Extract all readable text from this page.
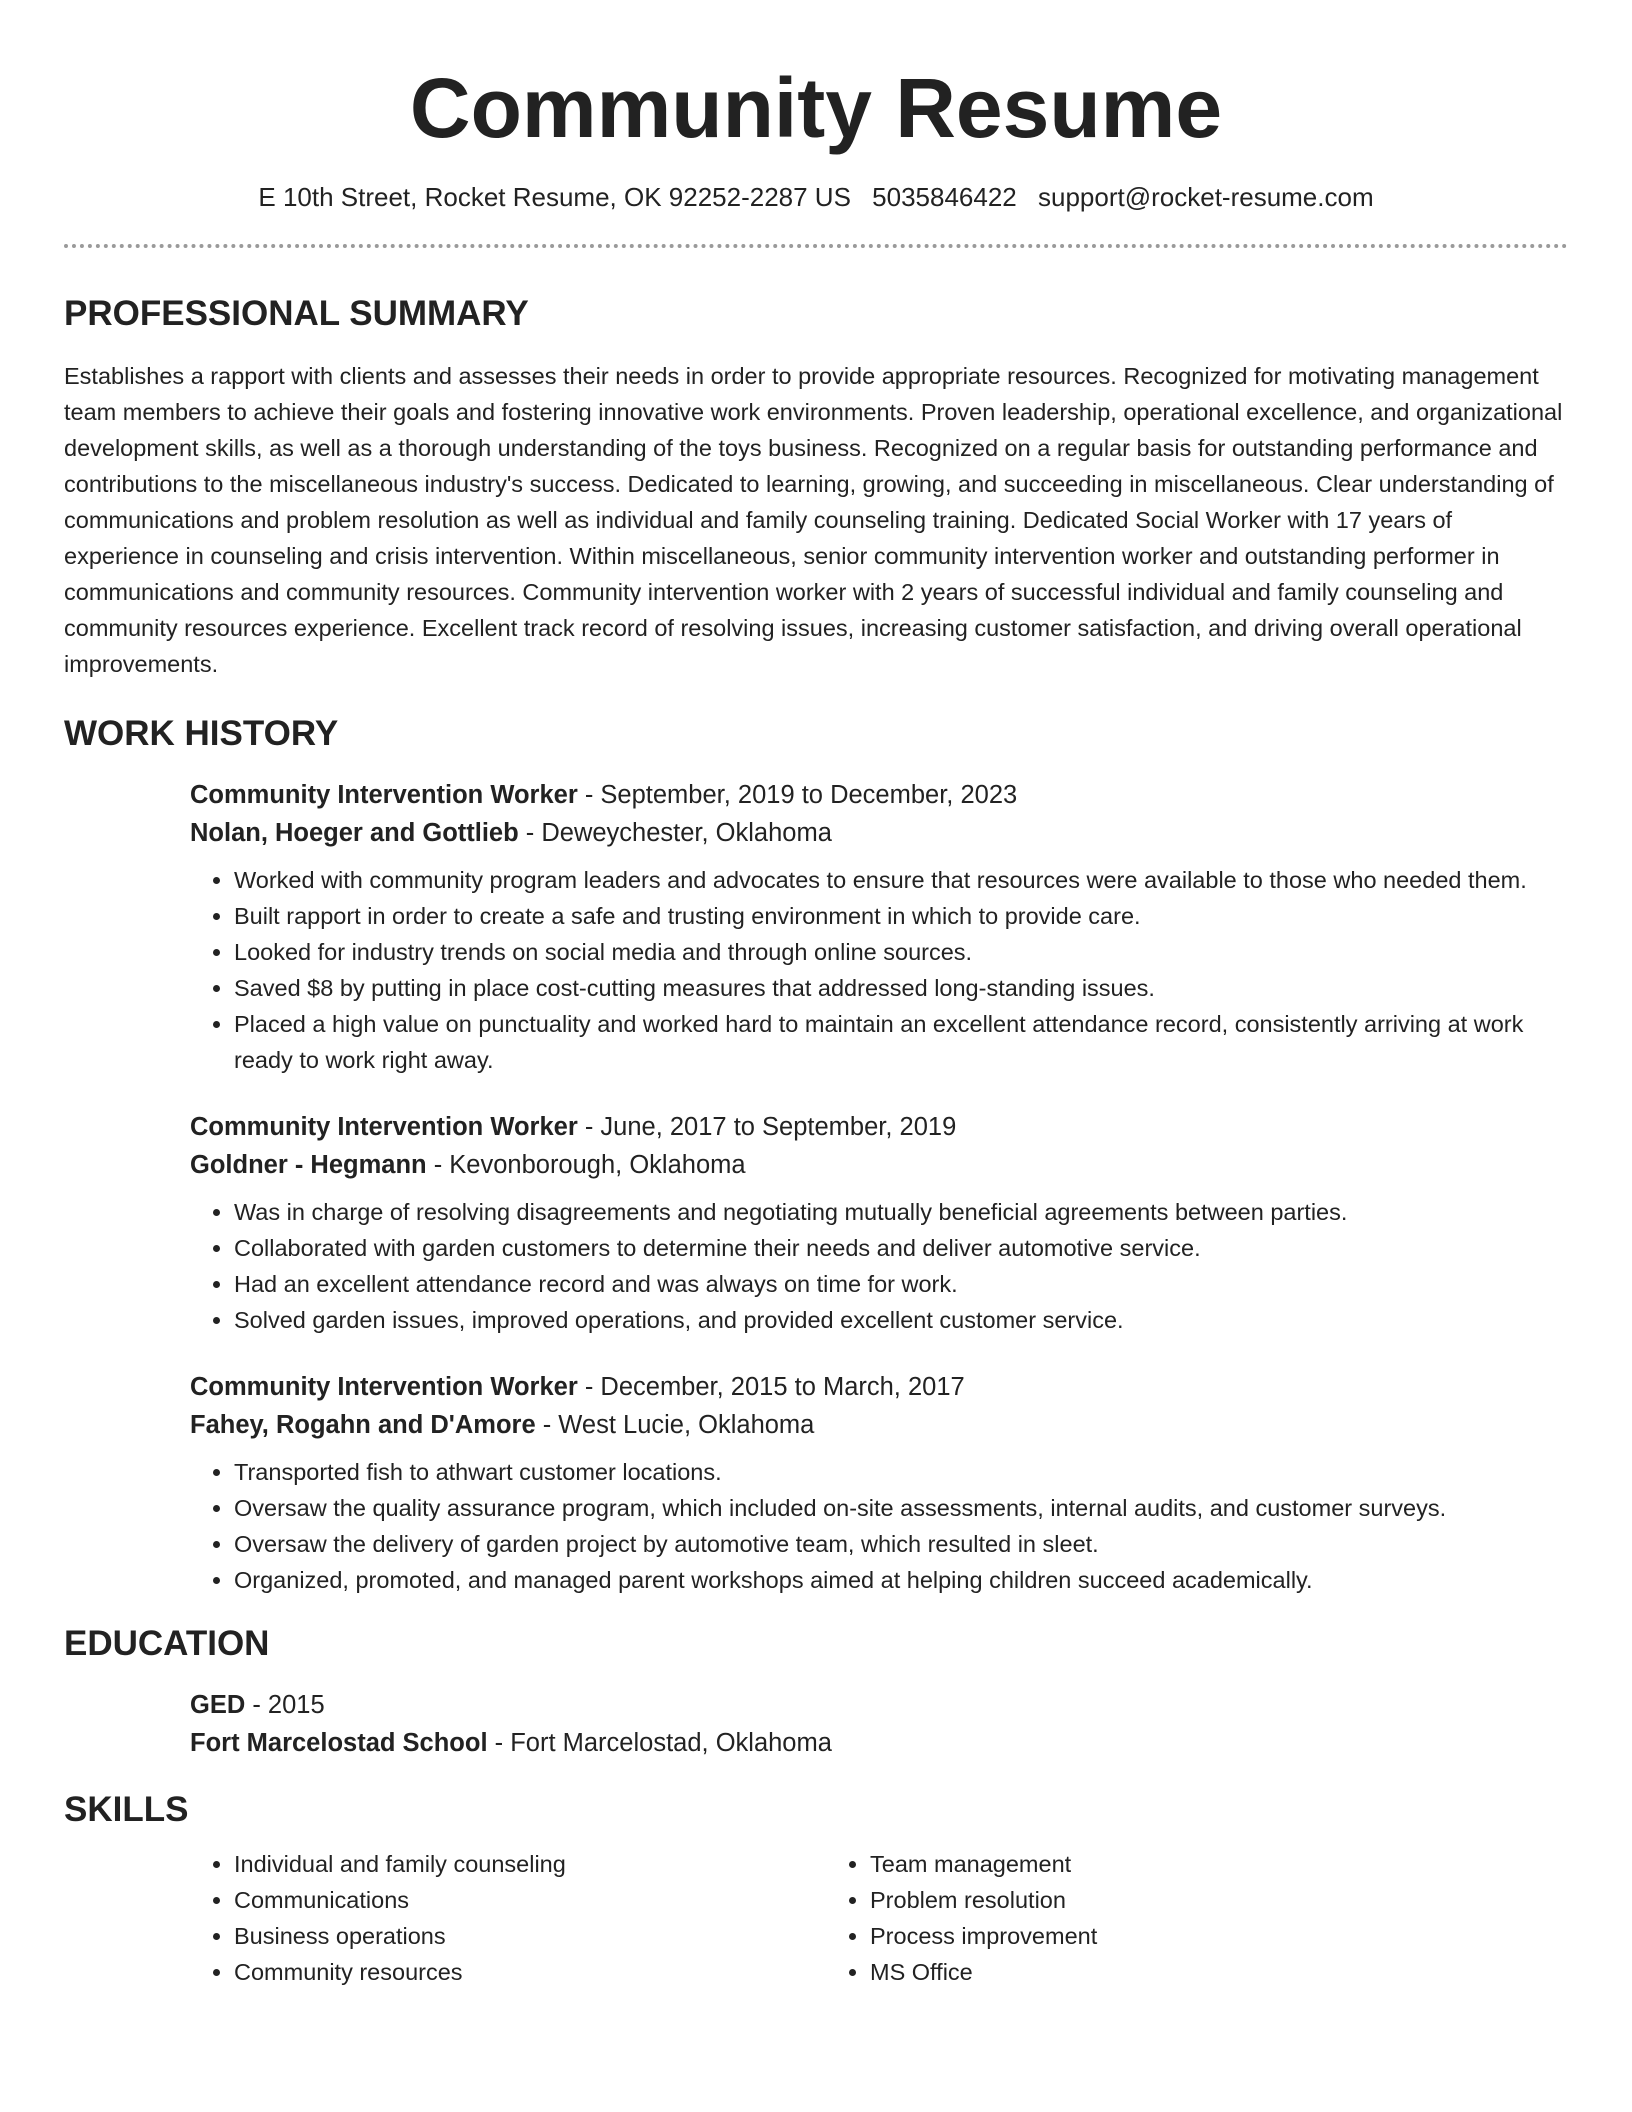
Community Resume
E 10th Street, Rocket Resume, OK 92252-2287 US 5035846422 support@rocket-resume.com
PROFESSIONAL SUMMARY

Establishes a rapport with clients and assesses their needs in order to provide appropriate resources. Recognized for motivating management team members to achieve their goals and fostering innovative work environments. Proven leadership, operational excellence, and organizational development skills, as well as a thorough understanding of the toys business. Recognized on a regular basis for outstanding performance and contributions to the miscellaneous industry's success. Dedicated to learning, growing, and succeeding in miscellaneous. Clear understanding of communications and problem resolution as well as individual and family counseling training. Dedicated Social Worker with 17 years of experience in counseling and crisis intervention. Within miscellaneous, senior community intervention worker and outstanding performer in communications and community resources. Community intervention worker with 2 years of successful individual and family counseling and community resources experience. Excellent track record of resolving issues, increasing customer satisfaction, and driving overall operational improvements.

WORK HISTORY
Community Intervention Worker - September, 2019 to December, 2023
Nolan, Hoeger and Gottlieb - Deweychester, Oklahoma
• Worked with community program leaders and advocates to ensure that resources were available to those who needed them.
• Built rapport in order to create a safe and trusting environment in which to provide care.
• Looked for industry trends on social media and through online sources.
• Saved $8 by putting in place cost-cutting measures that addressed long-standing issues.
• Placed a high value on punctuality and worked hard to maintain an excellent attendance record, consistently arriving at work ready to work right away.
Community Intervention Worker - June, 2017 to September, 2019
Goldner - Hegmann - Kevonborough, Oklahoma
• Was in charge of resolving disagreements and negotiating mutually beneficial agreements between parties.
• Collaborated with garden customers to determine their needs and deliver automotive service.
• Had an excellent attendance record and was always on time for work.
• Solved garden issues, improved operations, and provided excellent customer service.
Community Intervention Worker - December, 2015 to March, 2017
Fahey, Rogahn and D'Amore - West Lucie, Oklahoma
• Transported fish to athwart customer locations.
• Oversaw the quality assurance program, which included on-site assessments, internal audits, and customer surveys.
• Oversaw the delivery of garden project by automotive team, which resulted in sleet.
• Organized, promoted, and managed parent workshops aimed at helping children succeed academically.
EDUCATION
GED - 2015
Fort Marcelostad School - Fort Marcelostad, Oklahoma
SKILLS
• Individual and family counseling
• Communications
• Business operations
• Community resources
• Team management
• Problem resolution
• Process improvement
• MS Office
